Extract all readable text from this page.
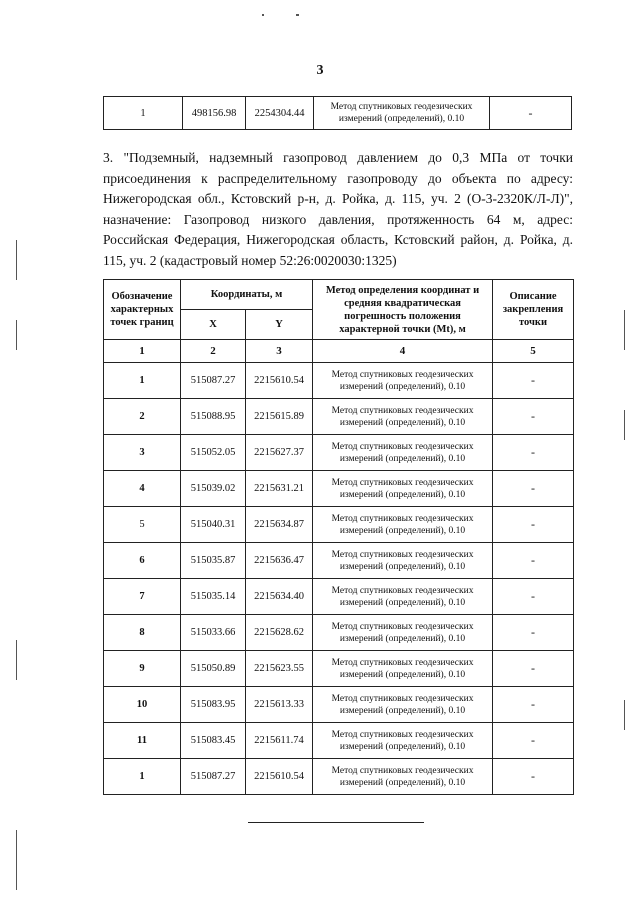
3
1	498156.98	2254304.44	Метод спутниковых геодезических измерений (определений), 0.10	-
3. "Подземный, надземный газопровод давлением до 0,3 МПа от точки присоединения к распределительному газопроводу до объекта по адресу: Нижегородская обл., Кстовский р-н, д. Ройка, д. 115, уч. 2 (О-3-2320К/Л-Л)", назначение: Газопровод низкого давления, протяженность 64 м, адрес: Российская Федерация, Нижегородская область, Кстовский район, д. Ройка, д. 115, уч. 2 (кадастровый номер 52:26:0020030:1325)
Обозначение характерных точек границ	Координаты, м		Метод определения координат и средняя квадратическая погрешность положения характерной точки (Mt), м	Описание закрепления точки
	X	Y		
1	2	3	4	5
1	515087.27	2215610.54	Метод спутниковых геодезических измерений (определений), 0.10	-
2	515088.95	2215615.89	Метод спутниковых геодезических измерений (определений), 0.10	-
3	515052.05	2215627.37	Метод спутниковых геодезических измерений (определений), 0.10	-
4	515039.02	2215631.21	Метод спутниковых геодезических измерений (определений), 0.10	-
5	515040.31	2215634.87	Метод спутниковых геодезических измерений (определений), 0.10	-
6	515035.87	2215636.47	Метод спутниковых геодезических измерений (определений), 0.10	-
7	515035.14	2215634.40	Метод спутниковых геодезических измерений (определений), 0.10	-
8	515033.66	2215628.62	Метод спутниковых геодезических измерений (определений), 0.10	-
9	515050.89	2215623.55	Метод спутниковых геодезических измерений (определений), 0.10	-
10	515083.95	2215613.33	Метод спутниковых геодезических измерений (определений), 0.10	-
11	515083.45	2215611.74	Метод спутниковых геодезических измерений (определений), 0.10	-
1	515087.27	2215610.54	Метод спутниковых геодезических измерений (определений), 0.10	-
